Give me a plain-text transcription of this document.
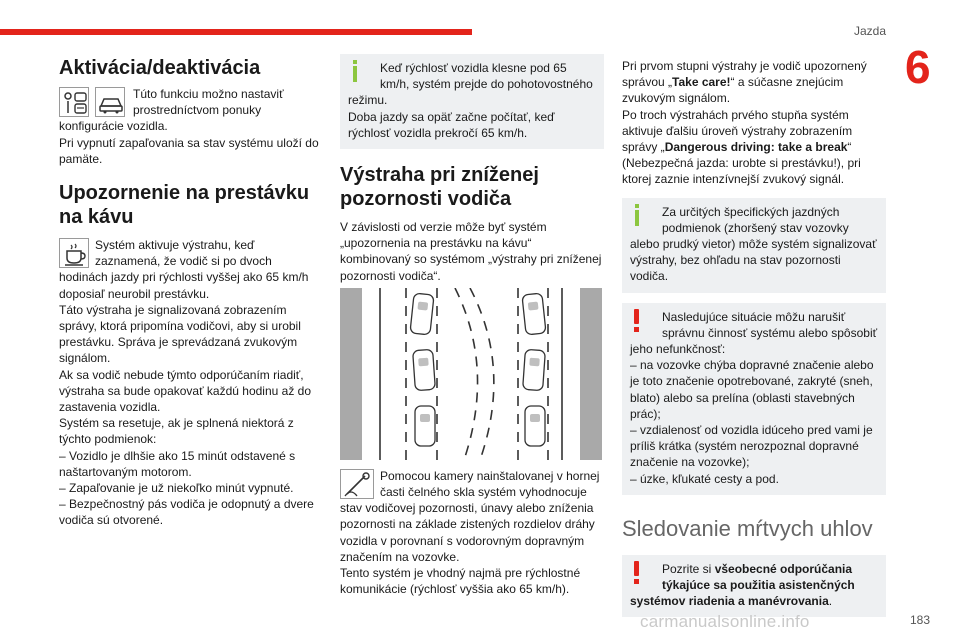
Jazda
6
Aktivácia/deaktivácia

Túto funkciu možno nastaviť prostredníctvom ponuky konfigurácie vozidla.

Pri vypnutí zapaľovania sa stav systému uloží do pamäte.

Upozornenie na prestávku na kávu

Systém aktivuje výstrahu, keď zaznamená, že vodič si po dvoch hodinách jazdy pri rýchlosti vyššej ako 65 km/h doposiaľ neurobil prestávku.

Táto výstraha je signalizovaná zobrazením správy, ktorá pripomína vodičovi, aby si urobil prestávku. Správa je sprevádzaná zvukovým signálom.

Ak sa vodič nebude týmto odporúčaním riadiť, výstraha sa bude opakovať každú hodinu až do zastavenia vozidla.

Systém sa resetuje, ak je splnená niektorá z týchto podmienok:

– Vozidlo je dlhšie ako 15 minút odstavené s naštartovaným motorom.

– Zapaľovanie je už niekoľko minút vypnuté.

– Bezpečnostný pás vodiča je odopnutý a dvere vodiča sú otvorené.

Keď rýchlosť vozidla klesne pod 65 km/h, systém prejde do pohotovostného režimu.
Doba jazdy sa opäť začne počítať, keď rýchlosť vozidla prekročí 65 km/h.
Výstraha pri zníženej pozornosti vodiča

V závislosti od verzie môže byť systém „upozornenia na prestávku na kávu“ kombinovaný so systémom „výstrahy pri zníženej pozornosti vodiča“.

Pomocou kamery nainštalovanej v hornej časti čelného skla systém vyhodnocuje stav vodičovej pozornosti, únavy alebo zníženia pozornosti na základe zistených rozdielov dráhy vozidla v porovnaní s vodorovným dopravným značením na vozovke.

Tento systém je vhodný najmä pre rýchlostné komunikácie (rýchlosť vyššia ako 65 km/h).

Pri prvom stupni výstrahy je vodič upozornený správou „Take care!“ a súčasne znejúcim zvukovým signálom.

Po troch výstrahách prvého stupňa systém aktivuje ďalšiu úroveň výstrahy zobrazením správy „Dangerous driving: take a break“ (Nebezpečná jazda: urobte si prestávku!), pri ktorej zaznie intenzívnejší zvukový signál.

Za určitých špecifických jazdných podmienok (zhoršený stav vozovky alebo prudký vietor) môže systém signalizovať výstrahy, bez ohľadu na stav pozornosti vodiča.
Nasledujúce situácie môžu narušiť správnu činnosť systému alebo spôsobiť jeho nefunkčnosť:

– na vozovke chýba dopravné značenie alebo je toto značenie opotrebované, zakryté (sneh, blato) alebo sa prelína (oblasti stavebných prác);

– vzdialenosť od vozidla idúceho pred vami je príliš krátka (systém nerozpoznal dopravné značenie na vozovke);

– úzke, kľukaté cesty a pod.

Sledovanie mŕtvych uhlov
Pozrite si všeobecné odporúčania týkajúce sa použitia asistenčných systémov riadenia a manévrovania.
carmanualsonline.info	183
